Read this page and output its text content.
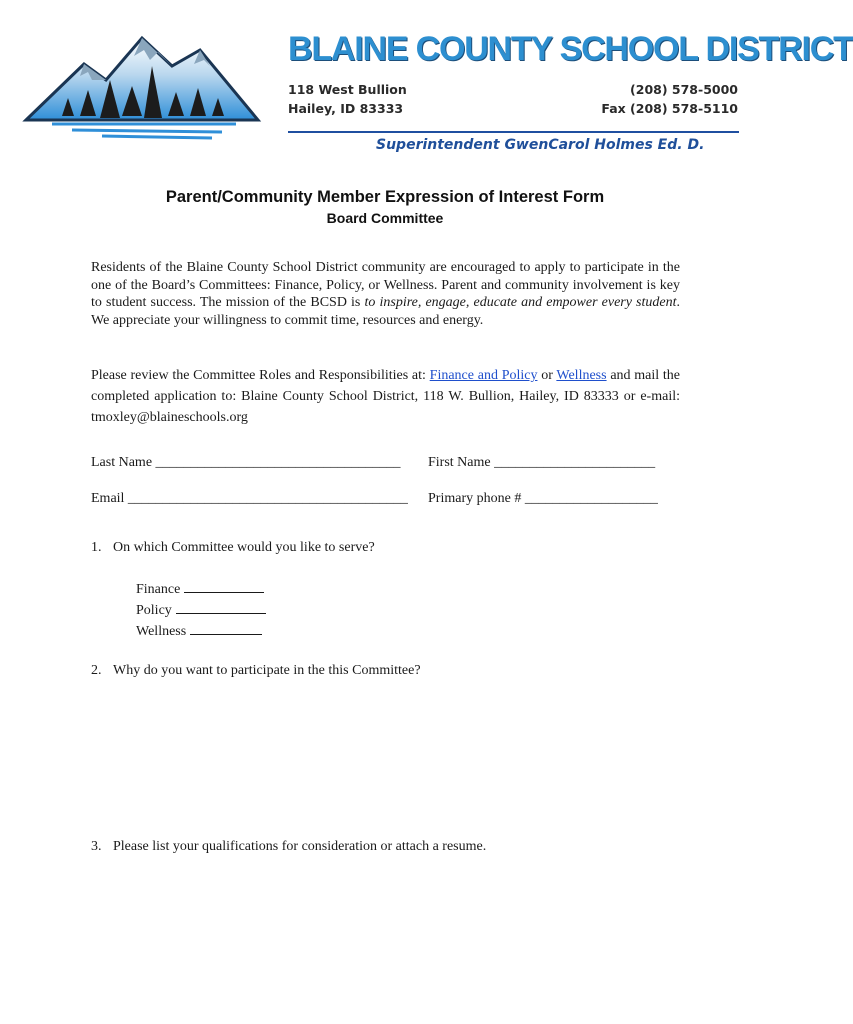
BLAINE COUNTY SCHOOL DISTRICT
118 West Bullion
Hailey, ID 83333
(208) 578-5000
Fax (208) 578-5110

Superintendent GwenCarol Holmes Ed. D.

Parent/Community Member Expression of Interest Form
Board Committee

Residents of the Blaine County School District community are encouraged to apply to participate in the one of the Board’s Committees: Finance, Policy, or Wellness. Parent and community involvement is key to student success. The mission of the BCSD is to inspire, engage, educate and empower every student. We appreciate your willingness to commit time, resources and energy.

Please review the Committee Roles and Responsibilities at: Finance and Policy or Wellness and mail the completed application to: Blaine County School District, 118 W. Bullion, Hailey, ID 83333 or e-mail: tmoxley@blaineschools.org

Last Name ___________________________________ First Name _______________________
Email ________________________________________ Primary phone # ___________________

1. On which Committee would you like to serve?

Finance
Policy
Wellness

2. Why do you want to participate in the this Committee?

3. Please list your qualifications for consideration or attach a resume.
